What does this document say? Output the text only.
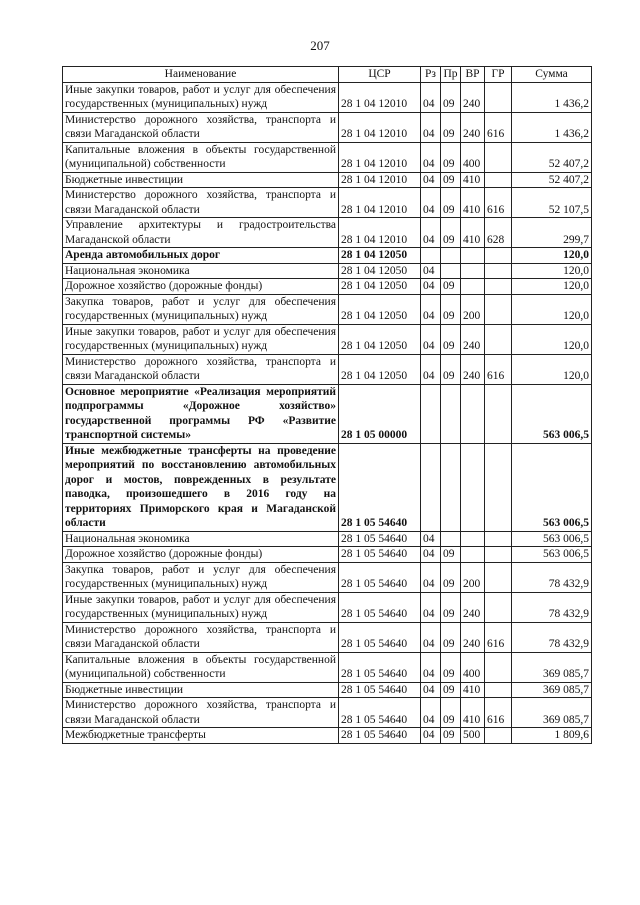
207
Наименование	ЦСР	Рз	Пр	ВР	ГР	Сумма
Иные закупки товаров, работ и услуг для обеспечения государственных (муниципальных) нужд	28 1 04 12010	04	09	240		1 436,2
Министерство дорожного хозяйства, транспорта и связи Магаданской области	28 1 04 12010	04	09	240	616	1 436,2
Капитальные вложения в объекты государственной (муниципальной) собственности	28 1 04 12010	04	09	400		52 407,2
Бюджетные инвестиции	28 1 04 12010	04	09	410		52 407,2
Министерство дорожного хозяйства, транспорта и связи Магаданской области	28 1 04 12010	04	09	410	616	52 107,5
Управление архитектуры и градостроительства Магаданской области	28 1 04 12010	04	09	410	628	299,7
Аренда автомобильных дорог	28 1 04 12050					120,0
Национальная экономика	28 1 04 12050	04				120,0
Дорожное хозяйство (дорожные фонды)	28 1 04 12050	04	09			120,0
Закупка товаров, работ и услуг для обеспечения государственных (муниципальных) нужд	28 1 04 12050	04	09	200		120,0
Иные закупки товаров, работ и услуг для обеспечения государственных (муниципальных) нужд	28 1 04 12050	04	09	240		120,0
Министерство дорожного хозяйства, транспорта и связи Магаданской области	28 1 04 12050	04	09	240	616	120,0
Основное мероприятие «Реализация мероприятий подпрограммы «Дорожное хозяйство» государственной программы РФ «Развитие транспортной системы»	28 1 05 00000					563 006,5
Иные межбюджетные трансферты на проведение мероприятий по восстановлению автомобильных дорог и мостов, поврежденных в результате паводка, произошедшего в 2016 году на территориях Приморского края и Магаданской области	28 1 05 54640					563 006,5
Национальная экономика	28 1 05 54640	04				563 006,5
Дорожное хозяйство (дорожные фонды)	28 1 05 54640	04	09			563 006,5
Закупка товаров, работ и услуг для обеспечения государственных (муниципальных) нужд	28 1 05 54640	04	09	200		78 432,9
Иные закупки товаров, работ и услуг для обеспечения государственных (муниципальных) нужд	28 1 05 54640	04	09	240		78 432,9
Министерство дорожного хозяйства, транспорта и связи Магаданской области	28 1 05 54640	04	09	240	616	78 432,9
Капитальные вложения в объекты государственной (муниципальной) собственности	28 1 05 54640	04	09	400		369 085,7
Бюджетные инвестиции	28 1 05 54640	04	09	410		369 085,7
Министерство дорожного хозяйства, транспорта и связи Магаданской области	28 1 05 54640	04	09	410	616	369 085,7
Межбюджетные трансферты	28 1 05 54640	04	09	500		1 809,6
